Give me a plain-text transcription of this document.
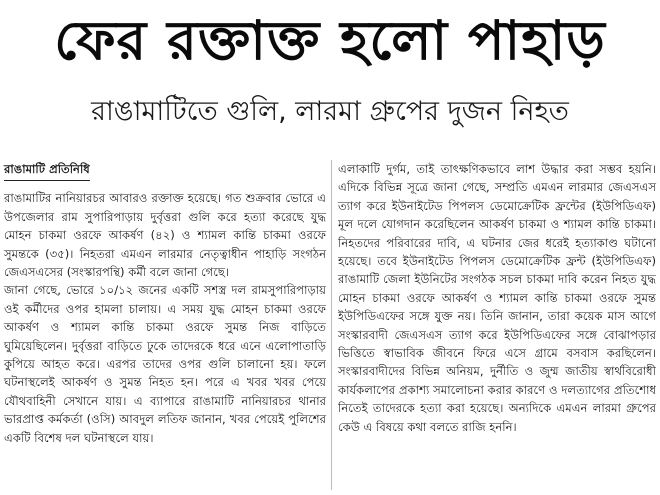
ফের রক্তাক্ত হলো পাহাড়
রাঙামাটিতে গুলি, লারমা গ্রুপের দুজন নিহত
রাঙামাটি প্রতিনিধি

রাঙামাটির নানিয়ারচর আবারও রক্তাক্ত হয়েছে। গত শুক্রবার ভোরে এ উপজেলার রাম সুপারিপাড়ায় দুর্বৃত্তরা গুলি করে হত্যা করেছে যুদ্ধ মোহন চাকমা ওরফে আকর্ষণ (৪২) ও শ্যামল কান্তি চাকমা ওরফে সুমন্তকে (৩৫)। নিহতরা এমএন লারমার নেতৃত্বাধীন পাহাড়ি সংগঠন জেএসএসের (সংস্কারপন্থি) কর্মী বলে জানা গেছে।

জানা গেছে, ভোরে ১০/১২ জনের একটি সশস্ত্র দল রামসুপারিপাড়ায় ওই কর্মীদের ওপর হামলা চালায়। এ সময় যুদ্ধ মোহন চাকমা ওরফে আকর্ষণ ও শ্যামল কান্তি চাকমা ওরফে সুমন্ত নিজ বাড়িতে ঘুমিয়েছিলেন। দুর্বৃত্তরা বাড়িতে ঢুকে তাদেরকে ধরে এনে এলোপাতাড়ি কুপিয়ে আহত করে। এরপর তাদের ওপর গুলি চালানো হয়। ফলে ঘটনাস্থলেই আকর্ষণ ও সুমন্ত নিহত হন। পরে এ খবর খবর পেয়ে যৌথবাহিনী সেখানে যায়। এ ব্যাপারে রাঙামাটি নানিয়ারচর থানার ভারপ্রাপ্ত কর্মকর্তা (ওসি) আবদুল লতিফ জানান, খবর পেয়েই পুলিশের একটি বিশেষ দল ঘটনাস্থলে যায়।

এলাকাটি দুর্গম, তাই তাৎক্ষণিকভাবে লাশ উদ্ধার করা সম্ভব হয়নি। এদিকে বিভিন্ন সূত্রে জানা গেছে, সম্প্রতি এমএন লারমার জেএসএস ত্যাগ করে ইউনাইটেড পিপলস ডেমোক্রেটিক ফ্রন্টের (ইউপিডিএফ) মূল দলে যোগদান করেছিলেন আকর্ষণ চাকমা ও শ্যামল কান্তি চাকমা। নিহতদের পরিবারের দাবি, এ ঘটনার জের ধরেই হত্যাকাণ্ড ঘটানো হয়েছে। তবে ইউনাইটেড পিপলস ডেমোক্রেটিক ফ্রন্ট (ইউপিডিএফ) রাঙামাটি জেলা ইউনিটের সংগঠক সচল চাকমা দাবি করেন নিহত যুদ্ধ মোহন চাকমা ওরফে আকর্ষণ ও শ্যামল কান্তি চাকমা ওরফে সুমন্ত ইউপিডিএফের সঙ্গে যুক্ত নয়। তিনি জানান, তারা কয়েক মাস আগে সংস্কারবাদী জেএসএস ত্যাগ করে ইউপিডিএফের সঙ্গে বোঝাপড়ার ভিত্তিতে স্বাভাবিক জীবনে ফিরে এসে গ্রামে বসবাস করছিলেন। সংস্কারবাদীদের বিভিন্ন অনিয়ম, দুর্নীতি ও জুম্ম জাতীয় স্বার্থবিরোধী কার্যকলাপের প্রকাশ্য সমালোচনা করার কারণে ও দলত্যাগের প্রতিশোধ নিতেই তাদেরকে হত্যা করা হয়েছে। অন্যদিকে এমএন লারমা গ্রুপের কেউ এ বিষয়ে কথা বলতে রাজি হননি।
